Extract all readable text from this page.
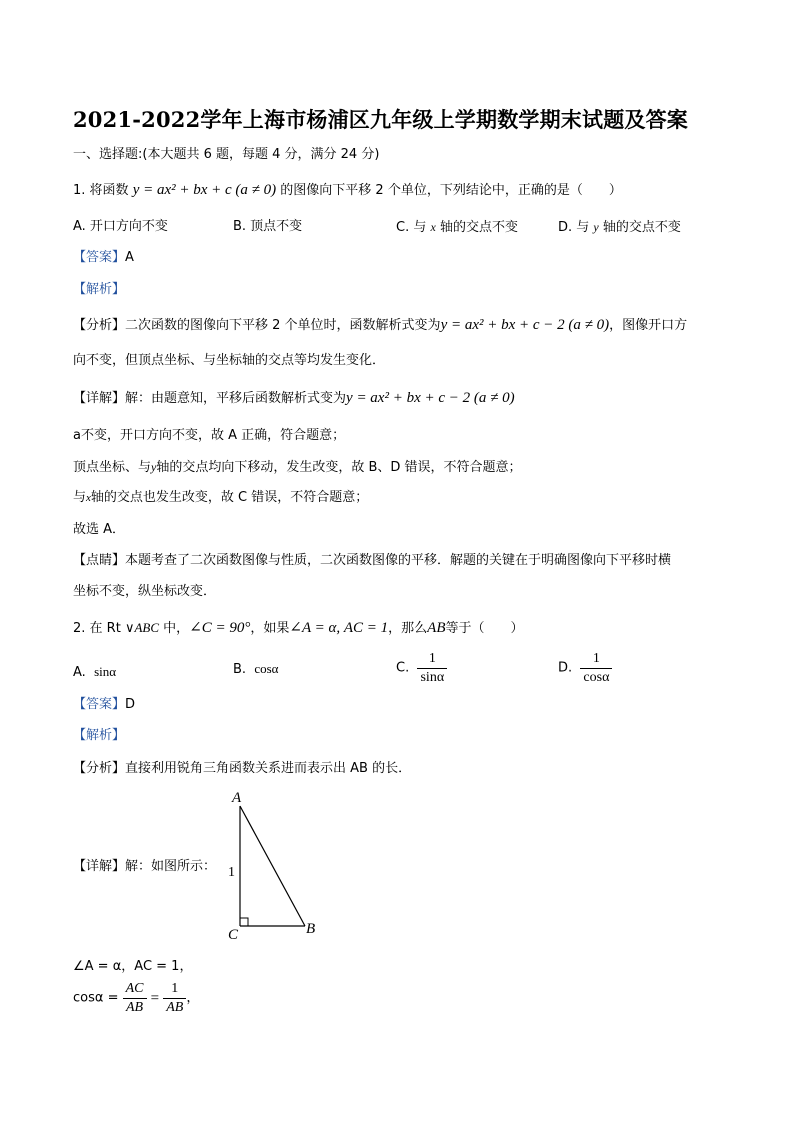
2021-2022学年上海市杨浦区九年级上学期数学期末试题及答案
一、选择题:(本大题共 6 题，每题 4 分，满分 24 分)
1. 将函数 y = ax² + bx + c (a ≠ 0) 的图像向下平移 2 个单位，下列结论中，正确的是（　　）
A. 开口方向不变	B. 顶点不变	C. 与 x 轴的交点不变	D. 与 y 轴的交点不变
【答案】A
【解析】
【分析】二次函数的图像向下平移 2 个单位时，函数解析式变为y = ax² + bx + c − 2 (a ≠ 0)，图像开口方
向不变，但顶点坐标、与坐标轴的交点等均发生变化．
【详解】解：由题意知，平移后函数解析式变为y = ax² + bx + c − 2 (a ≠ 0)
a不变，开口方向不变，故 A 正确，符合题意；
顶点坐标、与y轴的交点均向下移动，发生改变，故 B、D 错误，不符合题意；
与x轴的交点也发生改变，故 C 错误，不符合题意；
故选 A．
【点睛】本题考查了二次函数图像与性质，二次函数图像的平移．解题的关键在于明确图像向下平移时横
坐标不变，纵坐标改变．
2. 在 Rt ∨ABC 中，∠C = 90°，如果∠A = α, AC = 1，那么AB等于（　　）
A. sinα	B. cosα	C. $\frac{1}{\sin\alpha}$	D. $\frac{1}{\cos\alpha}$
【答案】D
【解析】
【分析】直接利用锐角三角函数关系进而表示出 AB 的长．
【详解】解：如图所示：
A
B
C
1
∠A = α，AC = 1，
$\cos\alpha = \frac{AC}{AB} = \frac{1}{AB}$ ，
